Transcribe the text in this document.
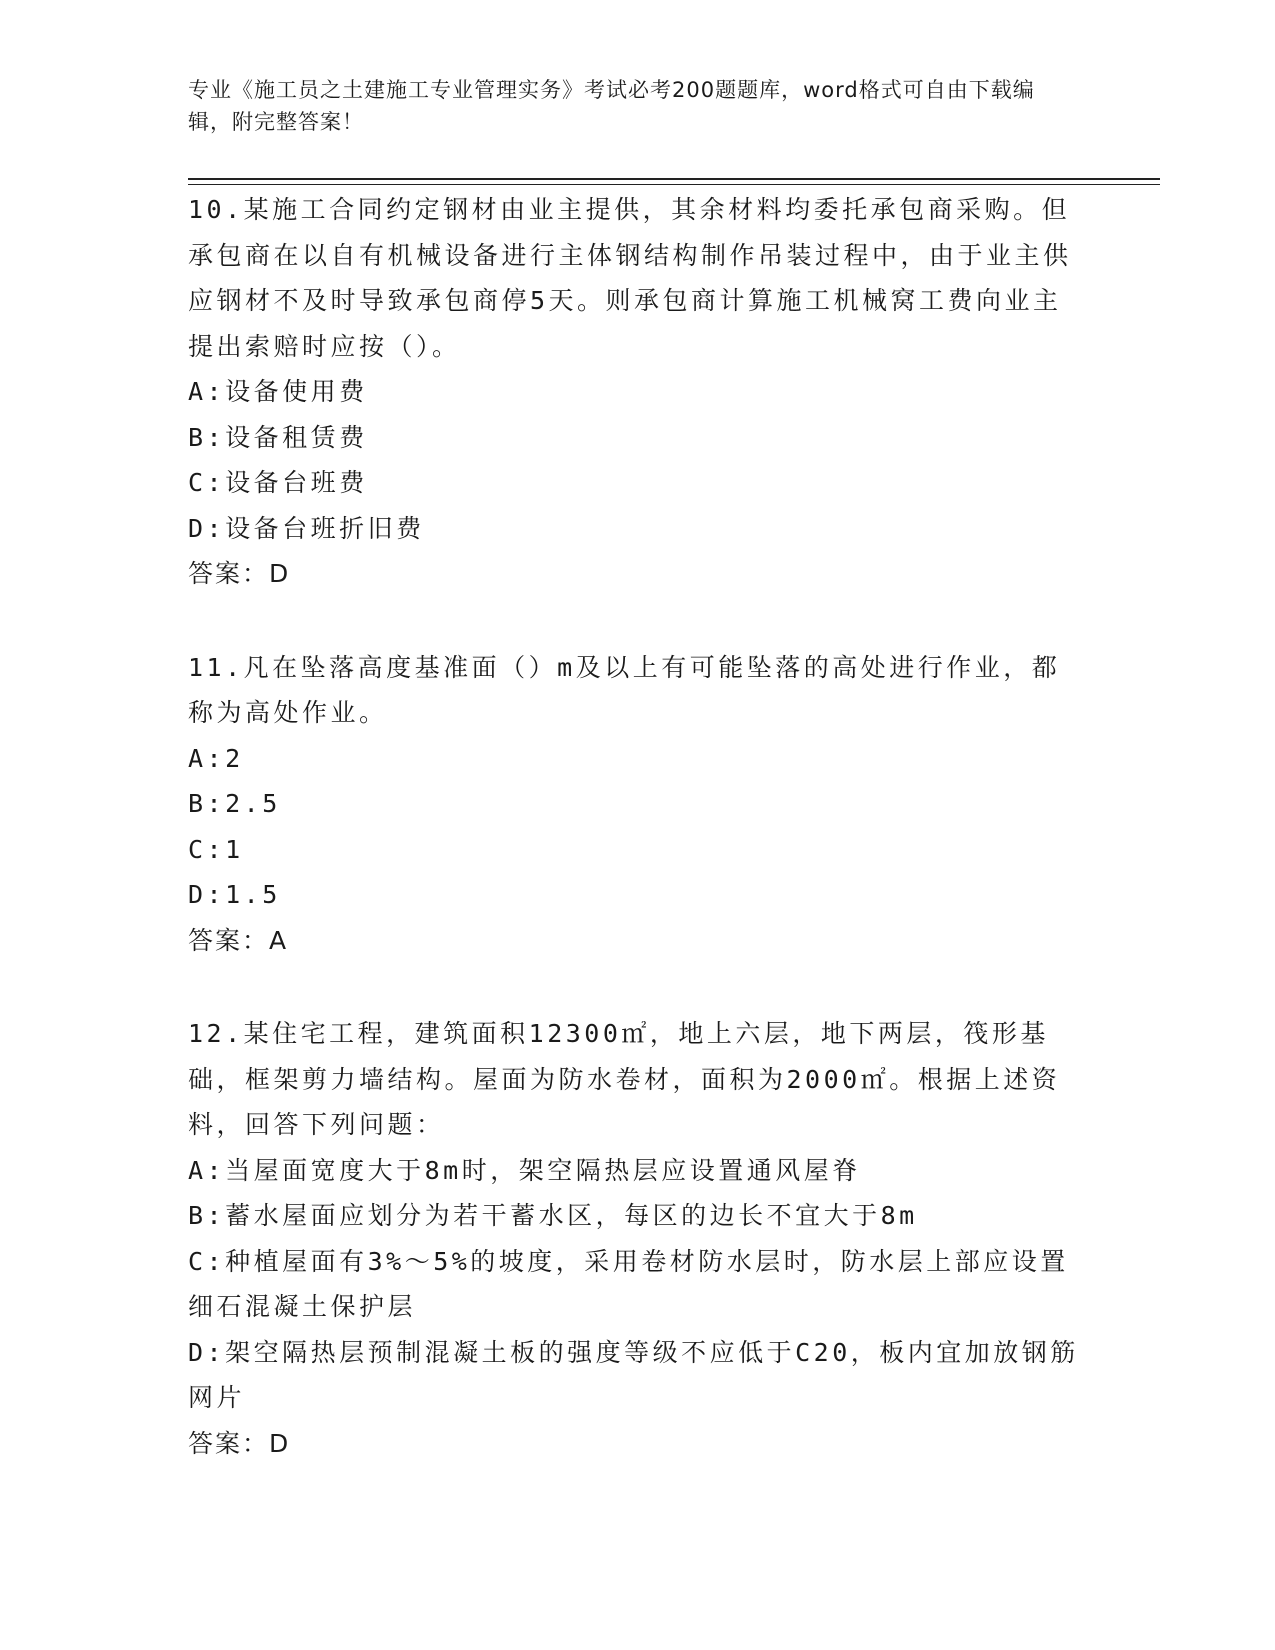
专业《施工员之土建施工专业管理实务》考试必考200题题库，word格式可自由下载编辑，附完整答案！
10.某施工合同约定钢材由业主提供，其余材料均委托承包商采购。但承包商在以自有机械设备进行主体钢结构制作吊装过程中，由于业主供应钢材不及时导致承包商停5天。则承包商计算施工机械窝工费向业主提出索赔时应按（）。
A:设备使用费
B:设备租赁费
C:设备台班费
D:设备台班折旧费
答案：D
11.凡在坠落高度基准面（）m及以上有可能坠落的高处进行作业，都称为高处作业。
A:2
B:2.5
C:1
D:1.5
答案：A
12.某住宅工程，建筑面积12300㎡，地上六层，地下两层，筏形基础，框架剪力墙结构。屋面为防水卷材，面积为2000㎡。根据上述资料，回答下列问题：
A:当屋面宽度大于8m时，架空隔热层应设置通风屋脊
B:蓄水屋面应划分为若干蓄水区，每区的边长不宜大于8m
C:种植屋面有3%～5%的坡度，采用卷材防水层时，防水层上部应设置细石混凝土保护层
D:架空隔热层预制混凝土板的强度等级不应低于C20，板内宜加放钢筋网片
答案：D
